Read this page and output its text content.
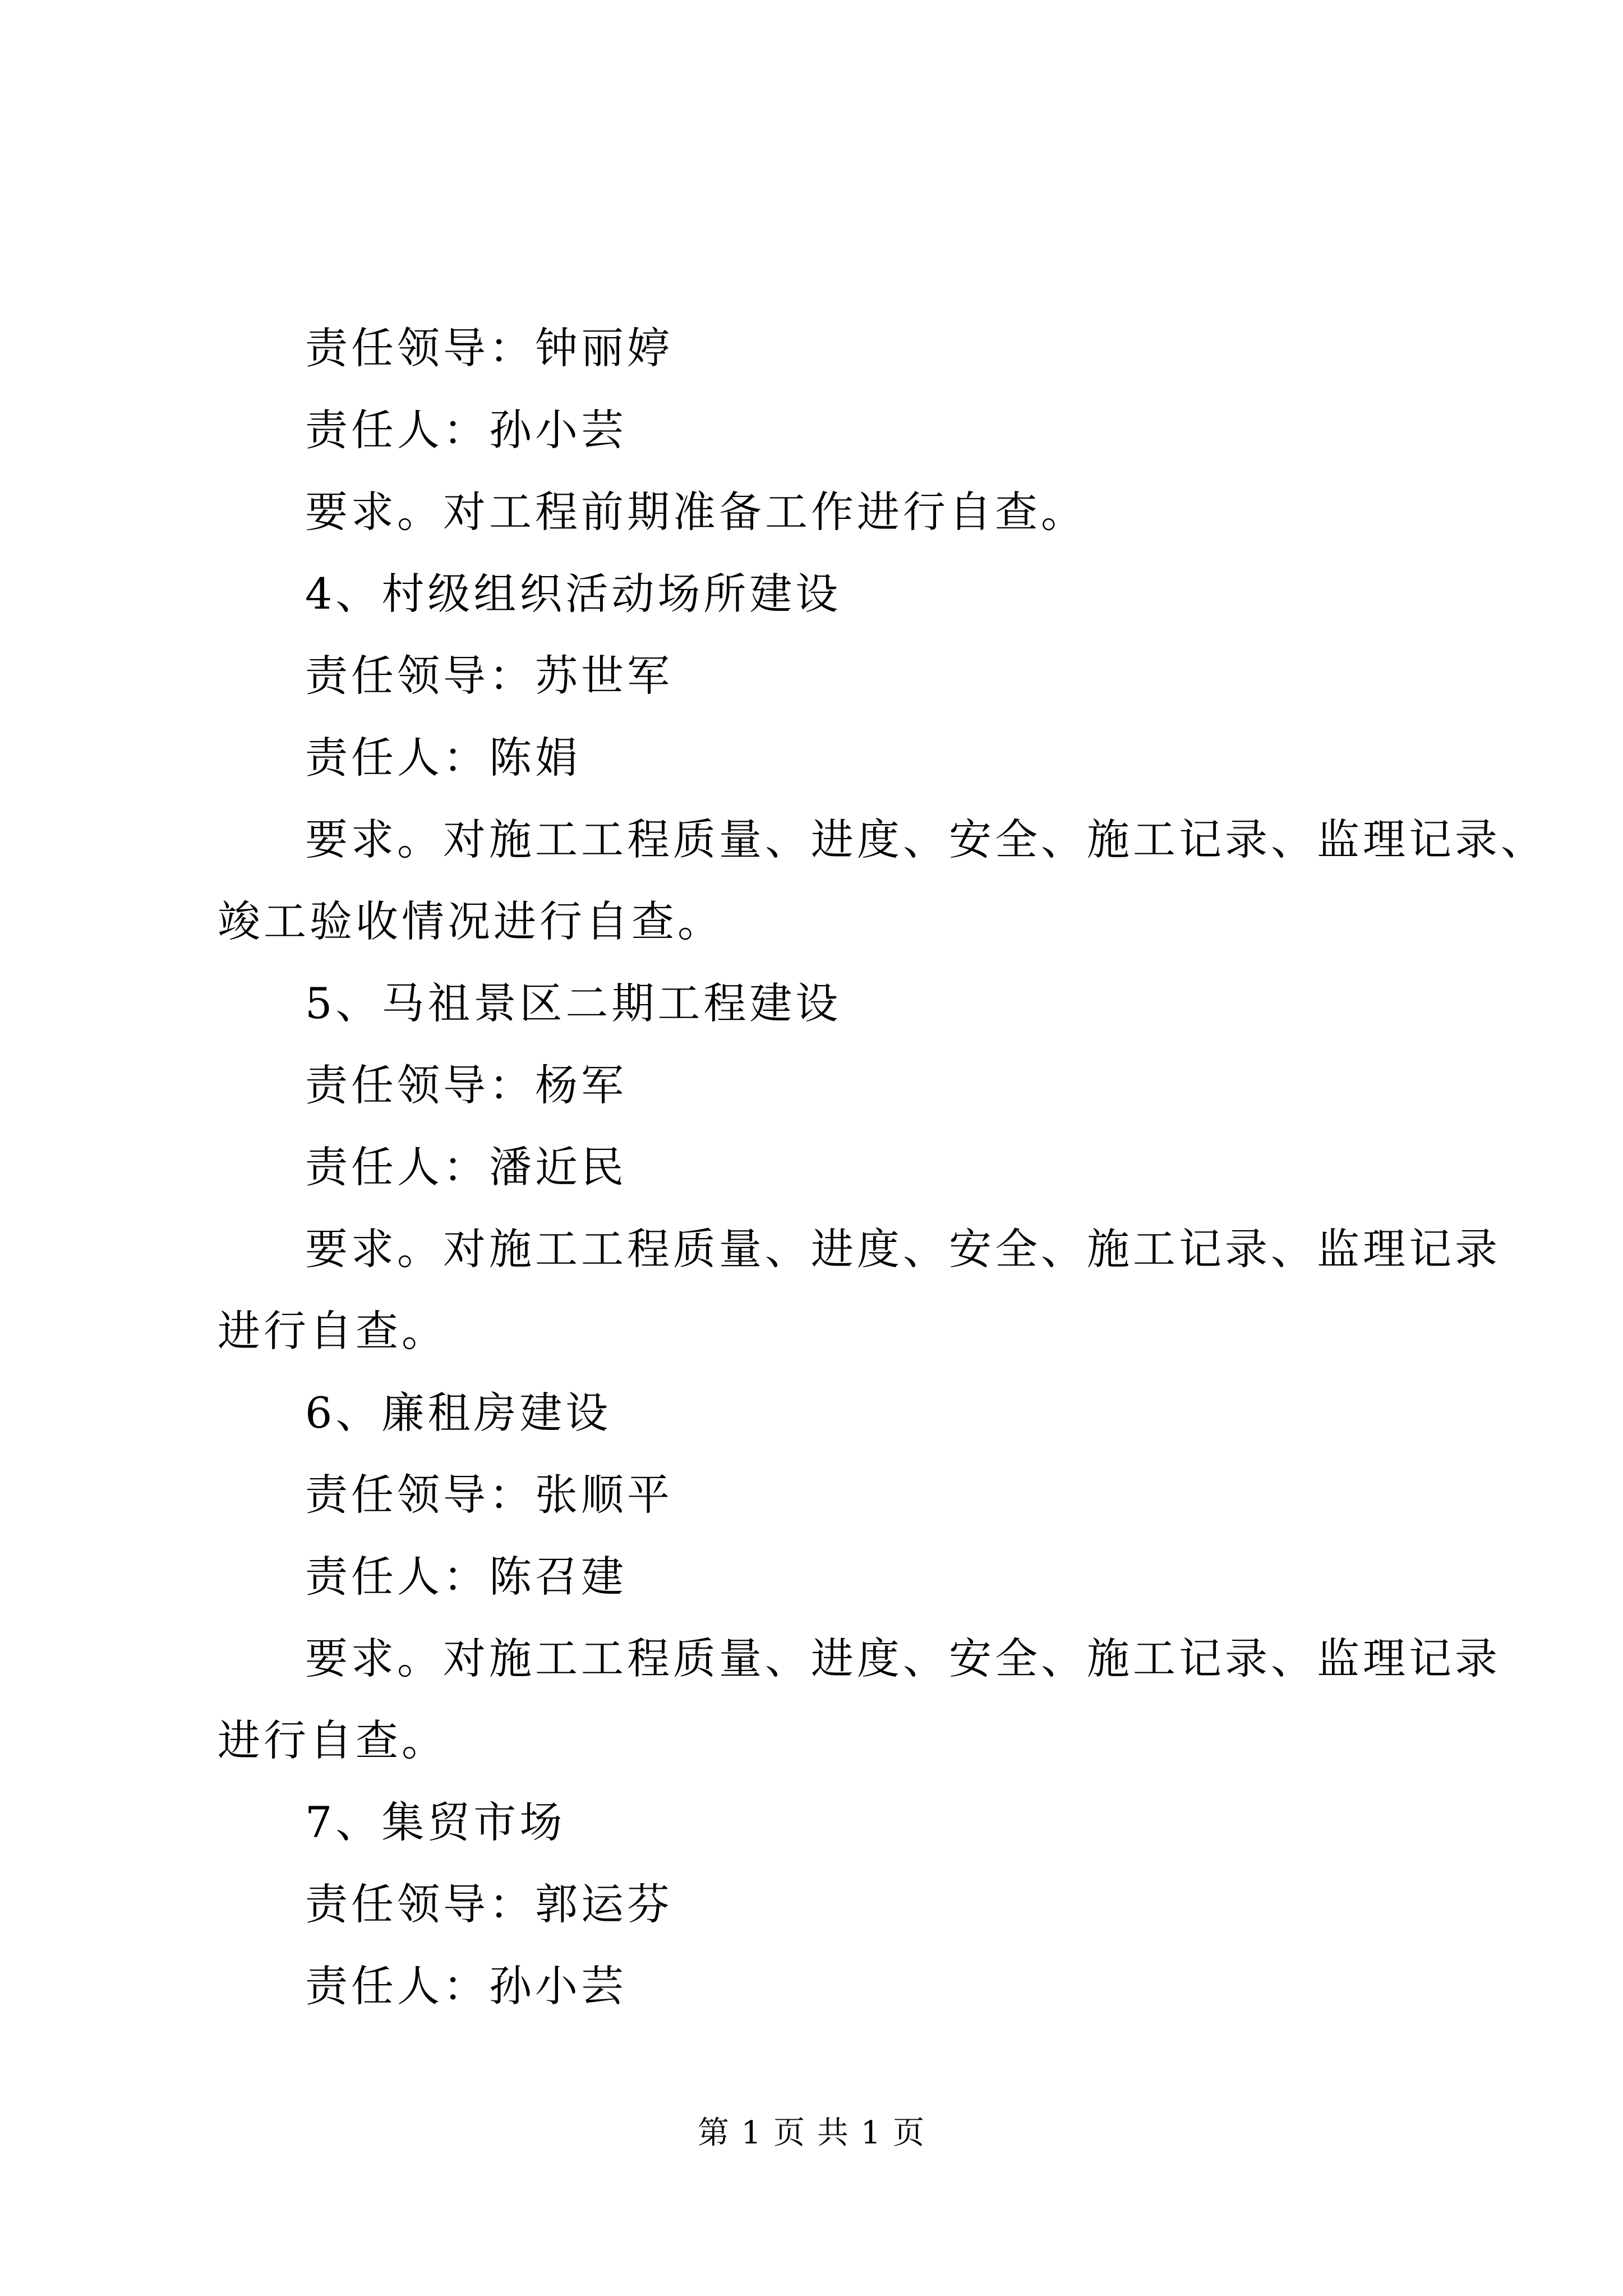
责任领导：钟丽婷

责任人：孙小芸

要求。对工程前期准备工作进行自查。

4、村级组织活动场所建设

责任领导：苏世军

责任人：陈娟

要求。对施工工程质量、进度、安全、施工记录、监理记录、

竣工验收情况进行自查。

5、马祖景区二期工程建设

责任领导：杨军

责任人：潘近民

要求。对施工工程质量、进度、安全、施工记录、监理记录

进行自查。

6、廉租房建设

责任领导：张顺平

责任人：陈召建

要求。对施工工程质量、进度、安全、施工记录、监理记录

进行自查。

7、集贸市场

责任领导：郭运芬

责任人：孙小芸

第 1 页 共 1 页
